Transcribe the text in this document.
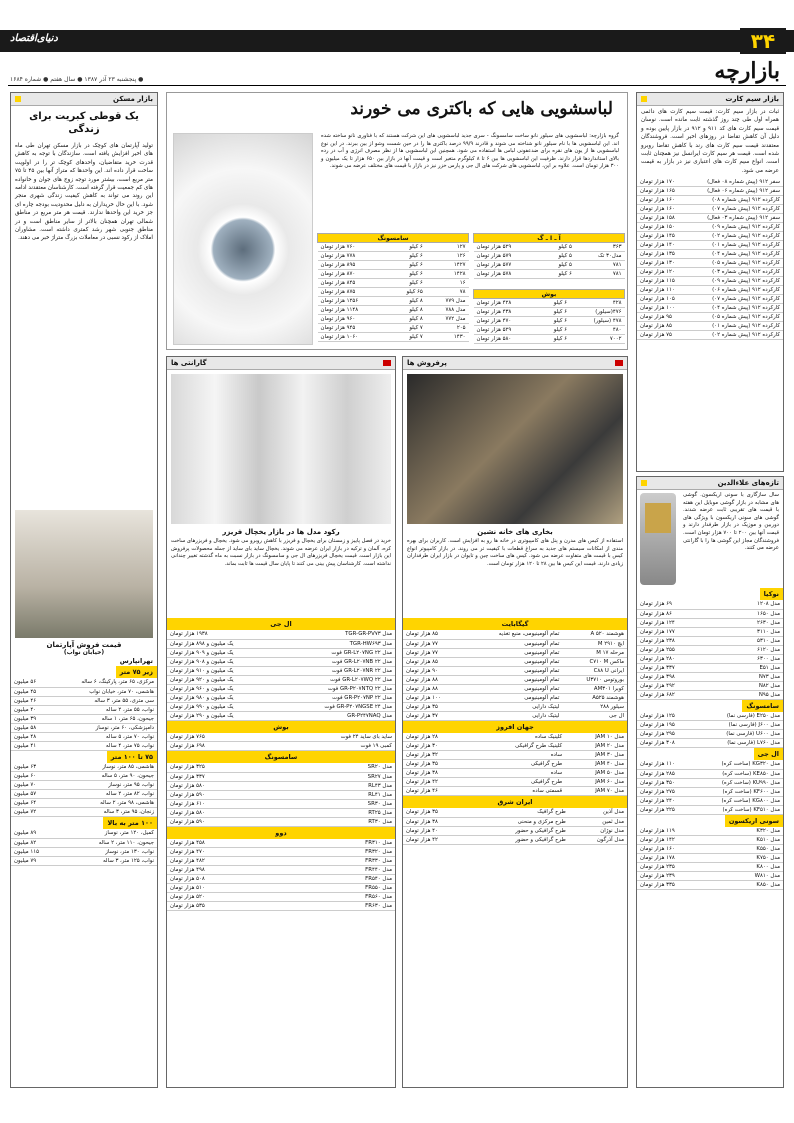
۳۴
دنیای‌اقتصاد
بازارچه
● پنجشنبه ۲۳ آذر ۱۳۸۷ ● سال هفتم ● شماره ۱۶۸۴
بازار سیم کارت
ثبات در بازار سیم کارت: قیمت سیم کارت های دائمی همراه اول طی چند روز گذشته ثابت مانده است. نوسان قیمت سیم کارت های کد ۹۱۱ و ۹۱۲ در بازار پایین بوده و دلیل آن کاهش تقاضا در روزهای اخیر است. فروشندگان معتقدند قیمت سیم کارت های رند با کاهش تقاضا روبرو شده است. قیمت هر سیم کارت ایرانسل نیز همچنان ثابت است. انواع سیم کارت های اعتباری نیز در بازار به قیمت عرضه می شود.
سفر ۹۱۲ (پیش شماره ۰۸ فعال)	۱۷۰ هزار تومان
سفر ۹۱۲ (پیش شماره ۰۶ فعال)	۱۶۵ هزار تومان
کارکرده ۹۱۲ (پیش شماره ۰۸)	۱۶۰ هزار تومان
کارکرده ۹۱۲ (پیش شماره ۰۷)	۱۶۰ هزار تومان
سفر ۹۱۲ (پیش شماره ۰۳ فعال)	۱۵۸ هزار تومان
کارکرده ۹۱۲ (پیش شماره ۰۹)	۱۵۰ هزار تومان
کارکرده ۹۱۲ (پیش شماره ۰۲)	۱۴۵ هزار تومان
کارکرده ۹۱۲ (پیش شماره ۰۱)	۱۴۰ هزار تومان
کارکرده ۹۱۲ (پیش شماره ۰۴)	۱۳۵ هزار تومان
کارکرده ۹۱۲ (پیش شماره ۰۵)	۱۳۰ هزار تومان
کارکرده ۹۱۲ (پیش شماره ۰۳)	۱۲۰ هزار تومان
کارکرده ۹۱۲ (پیش شماره ۰۹)	۱۱۵ هزار تومان
کارکرده ۹۱۲ (پیش شماره ۰۶)	۱۱۰ هزار تومان
کارکرده ۹۱۲ (پیش شماره ۰۷)	۱۰۵ هزار تومان
کارکرده ۹۱۲ (پیش شماره ۰۴)	۱۰۰ هزار تومان
کارکرده ۹۱۲ (پیش شماره ۰۵)	۹۵ هزار تومان
کارکرده ۹۱۲ (پیش شماره ۰۱)	۸۵ هزار تومان
کارکرده ۹۱۲ (پیش شماره ۰۲)	۷۵ هزار تومان
تازه‌های علاءالدین
سال سازگاری با سونی اریکسون. گوشی های مشابه در بازار گوشی موبایل این هفته با قیمت های تقریبی ثابت عرضه شدند. گوشی های سونی اریکسون با ویژگی های دوربین و موزیک در بازار طرفدار دارند و قیمت آنها بین ۲۰۰ تا ۷۰۰ هزار تومان است. فروشندگان مجاز این گوشی ها را با گارانتی عرضه می کنند.
نوکیا
مدل ۱۲۰۸	۶۹ هزار تومان
مدل ۱۶۵۰	۸۶ هزار تومان
مدل ۲۶۳۰	۱۲۴ هزار تومان
مدل ۳۱۱۰	۱۷۷ هزار تومان
مدل ۵۳۱۰	۲۳۸ هزار تومان
مدل ۶۱۲۰	۲۵۵ هزار تومان
مدل ۶۳۰۰	۲۸۰ هزار تومان
مدل E۵۱	۳۳۷ هزار تومان
مدل N۷۳	۳۹۸ هزار تومان
مدل N۸۲	۴۹۲ هزار تومان
مدل N۹۵	۶۸۲ هزار تومان
سامسونگ
مدل E۲۵۰ (فارسی نما)	۱۲۵ هزار تومان
مدل J۶۰۰ (فارسی نما)	۱۹۵ هزار تومان
مدل U۶۰۰ (فارسی نما)	۲۹۵ هزار تومان
مدل L۷۶۰ (فارسی نما)	۳۰۸ هزار تومان
ال جی
مدل KG۳۲۰ (ساخت کره)	۱۱۰ هزار تومان
مدل KE۸۵۰ (ساخت کره)	۲۸۵ هزار تومان
مدل KU۹۹۰ (ساخت کره)	۳۵۰ هزار تومان
مدل KF۶۰۰ (ساخت کره)	۲۷۵ هزار تومان
مدل KG۸۰۰ (ساخت کره)	۲۴۰ هزار تومان
مدل KF۵۱۰ (ساخت کره)	۲۲۵ هزار تومان
سونی اریکسون
مدل K۳۲۰	۱۱۹ هزار تومان
مدل K۵۱۰	۱۴۲ هزار تومان
مدل K۵۵۰	۱۶۰ هزار تومان
مدل K۷۵۰	۱۷۸ هزار تومان
مدل K۸۰۰	۲۳۵ هزار تومان
مدل W۸۱۰	۲۳۹ هزار تومان
مدل K۸۵۰	۳۳۵ هزار تومان
بازار مسکن
یک قوطی کبریت برای زندگی
تولید آپارتمان های کوچک در بازار مسکن تهران طی ماه های اخیر افزایش یافته است. سازندگان با توجه به کاهش قدرت خرید متقاضیان، واحدهای کوچک تر را در اولویت ساخت قرار داده اند. این واحدها که متراژ آنها بین ۴۵ تا ۷۵ متر مربع است، بیشتر مورد توجه زوج های جوان و خانواده های کم جمعیت قرار گرفته است. کارشناسان معتقدند ادامه این روند می تواند به کاهش کیفیت زندگی شهری منجر شود. با این حال خریداران به دلیل محدودیت بودجه چاره ای جز خرید این واحدها ندارند. قیمت هر متر مربع در مناطق شمالی تهران همچنان بالاتر از سایر مناطق است و در مناطق جنوبی شهر رشد کمتری داشته است. مشاوران املاک از رکود نسبی در معاملات بزرگ متراژ خبر می دهند.
قیمت فروش آپارتمان
(خیابان نواب)
تهرانپارس
زیر ۷۵ متر
مرکزی، ۶۵ متر، پارکینگ، ۶ ساله	۵۶ میلیون
هاشمی، ۷۰ متر، خیابان نواب	۴۵ میلیون
سی متری، ۵۵ متر، ۳ ساله	۴۶ میلیون
نواب، ۵۵ متر، ۲ ساله	۴۰ میلیون
جیحون، ۶۵ متر، ۱ ساله	۳۹ میلیون
دامپزشکی، ۶۰ متر، نوساز	۵۸ میلیون
نواب، ۷۰ متر، ۵ ساله	۴۸ میلیون
نواب، ۷۵ متر، ۴ ساله	۴۱ میلیون
۷۵ تا ۱۰۰ متر
هاشمی، ۸۵ متر، نوساز	۶۳ میلیون
جیحون، ۹۰ متر، ۵ ساله	۶۰ میلیون
نواب، ۹۵ متر، نوساز	۷۰ میلیون
نواب، ۸۲ متر، ۲ ساله	۵۷ میلیون
هاشمی، ۹۸ متر، ۲ ساله	۶۴ میلیون
زنجان، ۹۵ متر، ۳ ساله	۷۲ میلیون
۱۰۰ متر به بالا
کمیل، ۱۲۰ متر، نوساز	۸۹ میلیون
جیحون، ۱۱۰ متر، ۲ ساله	۸۲ میلیون
نواب، ۱۳۰ متر، نوساز	۱۱۵ میلیون
نواب، ۱۲۵ متر، ۳ ساله	۷۹ میلیون
لباسشویی هایی که باکتری می خورند
گروه بازارچه: لباسشویی های سیلور نانو ساخت سامسونگ - سری جدید لباسشویی های این شرکت هستند که با فناوری نانو ساخته شده اند. این لباسشویی ها با نام سیلور نانو شناخته می شوند و قادرند ۹۹/۹ درصد باکتری ها را در حین شست وشو از بین ببرند. در این نوع لباسشویی ها از یون های نقره برای ضدعفونی لباس ها استفاده می شود. همچنین این لباسشویی ها از نظر مصرف انرژی و آب در رده بالای استانداردها قرار دارند. ظرفیت این لباسشویی ها بین ۶ تا ۸ کیلوگرم متغیر است و قیمت آنها در بازار بین ۶۵۰ هزار تا یک میلیون و ۳۰۰ هزار تومان است. علاوه بر این، لباسشویی های شرکت های ال جی و پارس خزر نیز در بازار با قیمت های مختلف عرضه می شوند.
سامسونگ		
۱۲۷	۶ کیلو	۷۶۰ هزار تومان
۱۲۶	۶ کیلو	۷۷۸ هزار تومان
۱۴۲۷	۶ کیلو	۸۹۵ هزار تومان
۱۴۲۸	۶ کیلو	۸۷۰ هزار تومان
۱۶	۶ کیلو	۸۴۵ هزار تومان
۷۸	۶۵ کیلو	۸۷۵ هزار تومان
مدل ۷۷۹	۸ کیلو	۱۲۵۶ هزار تومان
مدل ۷۸۸	۸ کیلو	۱۱۴۸ هزار تومان
مدل ۷۷۲	۸ کیلو	۹۶۰ هزار تومان
۲۰۵	۷ کیلو	۹۴۵ هزار تومان
۱۴۳۰	۷ کیلو	۱۰۶۰ هزار تومان
آ ـ ا ـ گ		
۳۶۳	۵ کیلو	۵۲۹ هزار تومان
مدل۳۰ تک	۵ کیلو	۵۷۹ هزار تومان
۷۸۱	۵ کیلو	۵۷۷ هزار تومان
۷۸۱	۶ کیلو	۵۷۸ هزار تومان
بوش		
۴۲۸	۶ کیلو	۴۲۸ هزار تومان
۴۷۶(سیلور)	۶ کیلو	۴۳۸ هزار تومان
۴۷۸ (سیلور)	۶ کیلو	۴۷۰ هزار تومان
۴۸۰	۶ کیلو	۵۲۹ هزار تومان
۷۰۰۲	۶ کیلو	۵۸۰ هزار تومان
پرفروش ها
بخاری های خانه نشین
استفاده از کیس های مدرن و پنل های کامپیوتری در خانه ها رو به افزایش است. کاربران برای بهره مندی از امکانات سیستم های جدید به سراغ قطعات با کیفیت تر می روند. در بازار کامپیوتر انواع کیس با قیمت های متفاوت عرضه می شود. کیس های ساخت چین و تایوان در بازار ایران طرفداران زیادی دارند. قیمت این کیس ها بین ۲۸ تا ۱۲۰ هزار تومان است.
گیگابایت
هوشمند ۵۲۰ A	تمام آلومینیومی، منبع تغذیه	۸۵ هزار تومان
ایچ ۲۹۱۰ M	تمام آلومینیومی	۷۷ هزار تومان
مرحله ۱۷ M	تمام آلومینیومی	۷۷ هزار تومان
ماکس C۷۱۰ M	تمام آلومینیومی	۸۵ هزار تومان
ایرانی C۸۸ U	تمام آلومینیومی	۹۰ هزار تومان
بوروتوس U۳۷۱۰	تمام آلومینیومی	۸۸ هزار تومان
کوبرا AM۳۰۱	تمام آلومینیومی	۸۸ هزار تومان
هوشمند A۵۲۵	تمام آلومینیومی	۱۰۰ هزار تومان
سیلور ۲۸۸	لیتیک دارایی	۳۵ هزار تومان
ال جی	لیتیک دارایی	۳۷ هزار تومان
جهان افروز
مدل JAM ۱۰	کلینیک ساده	۲۸ هزار تومان
مدل JAM ۲۰	کلینیک طرح گرافیکی	۳۰ هزار تومان
مدل JAM ۳۰	ساده	۳۲ هزار تومان
مدل JAM ۴۰	طرح گرافیکی	۳۵ هزار تومان
مدل JAM ۵۰	ساده	۳۸ هزار تومان
مدل JAM ۶۰	طرح گرافیکی	۴۲ هزار تومان
مدل JAM ۷۰	قسمتی ساده	۴۶ هزار تومان
ایران شرق
مدل آذین	طرح گرافیک	۳۵ هزار تومان
مدل ثمین	طرح مرکزی و منحنی	۳۸ هزار تومان
مدل نوژان	طرح گرافیکی و حضور	۴۰ هزار تومان
مدل آذرگون	طرح گرافیکی و حضور	۴۲ هزار تومان
گارانتی ها
رکود مدل ها در بازار یخچال فریزر
خرید در فصل پاییز و زمستان برای یخچال و فریزر با کاهش روبرو می شود. یخچال و فریزرهای ساخت کره، آلمان و ترکیه در بازار ایران عرضه می شوند. یخچال ساید بای ساید از جمله محصولات پرفروش این بازار است. قیمت یخچال فریزرهای ال جی و سامسونگ در بازار نسبت به ماه گذشته تغییر چندانی نداشته است. کارشناسان پیش بینی می کنند تا پایان سال قیمت ها ثابت بماند.
ال جی
مدل TGR-GR-PV۷۳	۱۹۳۸ هزار تومان
مدل TGR-HW۶۹۳	یک میلیون و ۸۹۸ هزار تومان
مدل GR-L۲۰۷NG ۲۲ فوت	یک میلیون و ۹۰۹ هزار تومان
مدل GR-L۲۰۷NB ۲۲ فوت	یک میلیون و ۹۰۸ هزار تومان
مدل GR-L۲۰۷NR ۲۲ فوت	یک میلیون و ۹۱۰ هزار تومان
مدل GR-L۲۰۷WQ ۲۲ فوت	یک میلیون و ۹۲۰ هزار تومان
مدل GR-P۲۰۷NTQ ۲۲ فوت	یک میلیون و ۹۶۰ هزار تومان
مدل GR-P۲۰۷NP ۲۲ فوت	یک میلیون و ۹۸۰ هزار تومان
مدل GR-P۲۰۷NGSE ۲۴ فوت	یک میلیون و ۹۹۰ هزار تومان
مدل GR-P۲۴۷NAQ	یک میلیون و ۲۹۰ هزار تومان
بوش
ساید بای ساید ۲۴ فوت	۷۶۵ هزار تومان
کمبی ۱۹ فوت	۶۹۸ هزار تومان
سامسونگ
مدل SR۲۰	۳۲۵ هزار تومان
مدل SR۲۷	۳۳۷ هزار تومان
مدل RL۴۳	۵۸۰ هزار تومان
مدل RL۴۱	۵۹۰ هزار تومان
مدل SR۳۰	۶۱۰ هزار تومان
مدل RT۲۵	۵۸۰ هزار تومان
مدل RT۳۰	۵۹۰ هزار تومان
دوو
مدل FR۳۱۰	۴۵۸ هزار تومان
مدل FR۳۲۰	۴۷۰ هزار تومان
مدل FR۳۳۰	۴۸۲ هزار تومان
مدل FR۴۴۰	۴۹۸ هزار تومان
مدل FR۵۴۰	۵۰۸ هزار تومان
مدل FR۵۵۰	۵۱۰ هزار تومان
مدل FR۵۶۰	۵۲۰ هزار تومان
مدل FR۶۳۰	۵۳۵ هزار تومان
